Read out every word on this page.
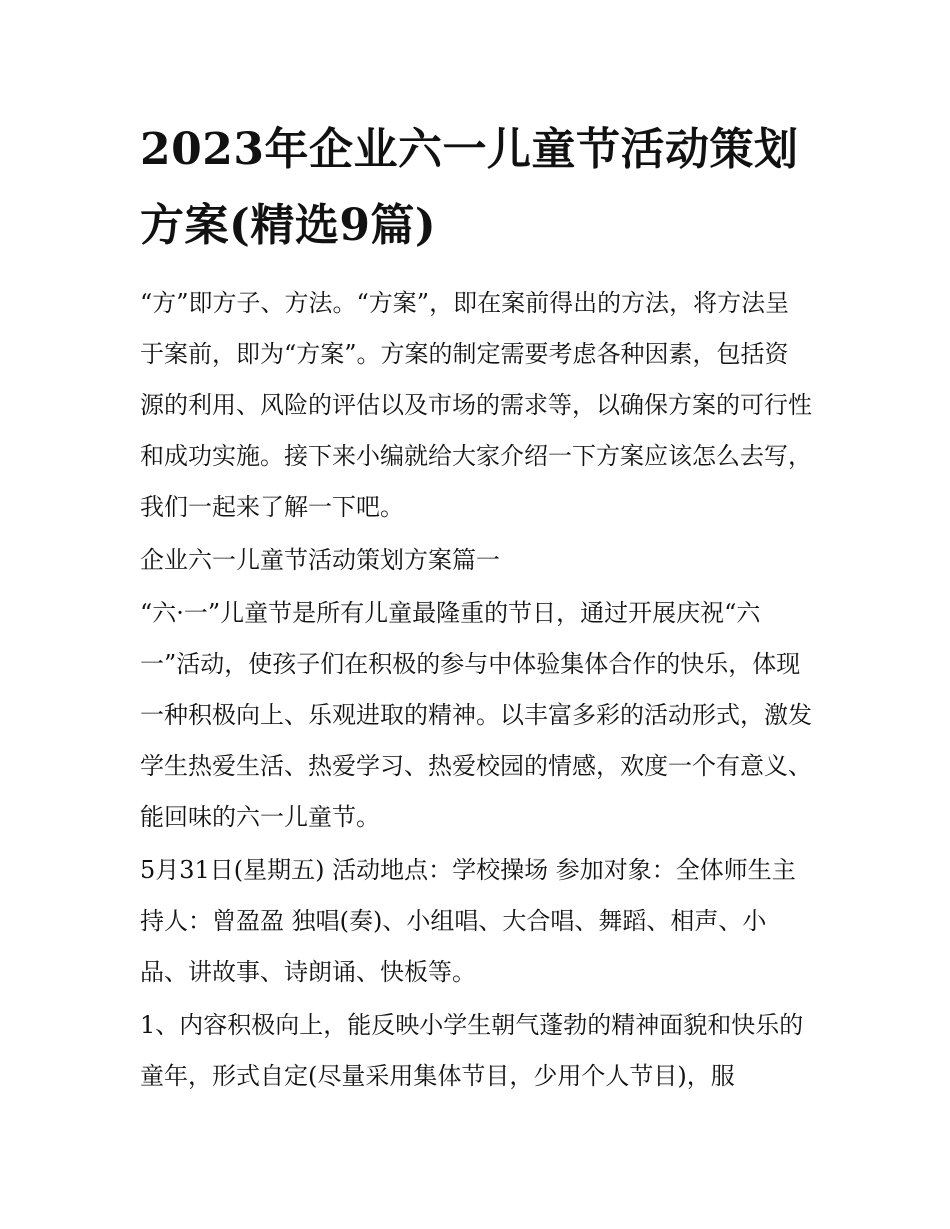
2023年企业六一儿童节活动策划方案(精选9篇)

“方”即方子、方法。“方案”，即在案前得出的方法，将方法呈于案前，即为“方案”。方案的制定需要考虑各种因素，包括资源的利用、风险的评估以及市场的需求等，以确保方案的可行性和成功实施。接下来小编就给大家介绍一下方案应该怎么去写，我们一起来了解一下吧。

企业六一儿童节活动策划方案篇一

“六·一”儿童节是所有儿童最隆重的节日，通过开展庆祝“六一”活动，使孩子们在积极的参与中体验集体合作的快乐，体现一种积极向上、乐观进取的精神。以丰富多彩的活动形式，激发学生热爱生活、热爱学习、热爱校园的情感，欢度一个有意义、能回味的六一儿童节。

5月31日(星期五) 活动地点：学校操场 参加对象：全体师生主持人：曾盈盈 独唱(奏)、小组唱、大合唱、舞蹈、相声、小品、讲故事、诗朗诵、快板等。

1、内容积极向上，能反映小学生朝气蓬勃的精神面貌和快乐的童年，形式自定(尽量采用集体节目，少用个人节目)，服
